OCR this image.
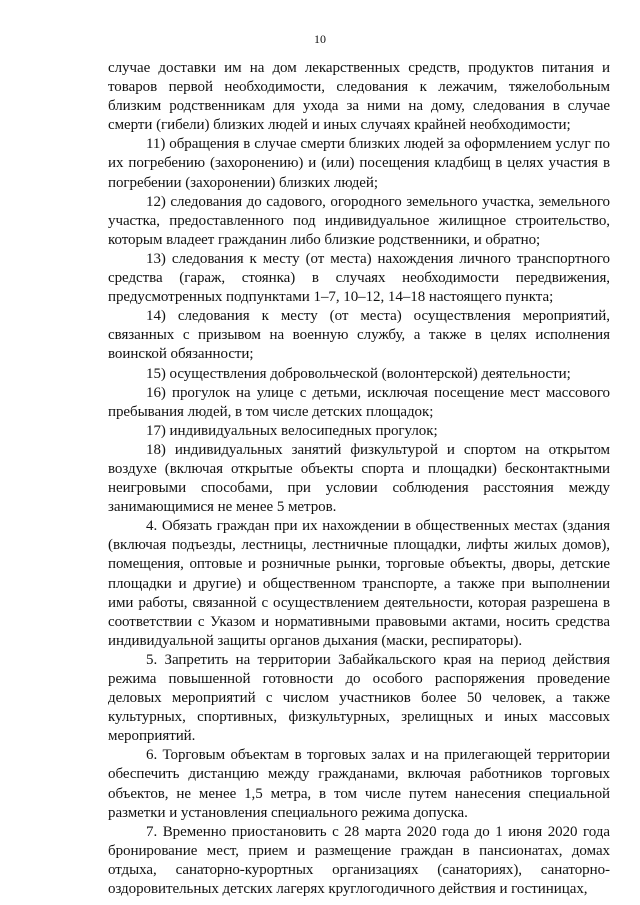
10

случае доставки им на дом лекарственных средств, продуктов питания и товаров первой необходимости, следования к лежачим, тяжелобольным близким родственникам для ухода за ними на дому, следования в случае смерти (гибели) близких людей и иных случаях крайней необходимости;

11) обращения в случае смерти близких людей за оформлением услуг по их погребению (захоронению) и (или) посещения кладбищ в целях участия в погребении (захоронении) близких людей;

12) следования до садового, огородного земельного участка, земельного участка, предоставленного под индивидуальное жилищное строительство, которым владеет гражданин либо близкие родственники, и обратно;

13) следования к месту (от места) нахождения личного транспортного средства (гараж, стоянка) в случаях необходимости передвижения, предусмотренных подпунктами 1–7, 10–12, 14–18 настоящего пункта;

14) следования к месту (от места) осуществления мероприятий, связанных с призывом на военную службу, а также в целях исполнения воинской обязанности;

15) осуществления добровольческой (волонтерской) деятельности;

16) прогулок на улице с детьми, исключая посещение мест массового пребывания людей, в том числе детских площадок;

17) индивидуальных велосипедных прогулок;

18) индивидуальных занятий физкультурой и спортом на открытом воздухе (включая открытые объекты спорта и площадки) бесконтактными неигровыми способами, при условии соблюдения расстояния между занимающимися не менее 5 метров.

4. Обязать граждан при их нахождении в общественных местах (здания (включая подъезды, лестницы, лестничные площадки, лифты жилых домов), помещения, оптовые и розничные рынки, торговые объекты, дворы, детские площадки и другие) и общественном транспорте, а также при выполнении ими работы, связанной с осуществлением деятельности, которая разрешена в соответствии с Указом и нормативными правовыми актами, носить средства индивидуальной защиты органов дыхания (маски, респираторы).

5. Запретить на территории Забайкальского края на период действия режима повышенной готовности до особого распоряжения проведение деловых мероприятий с числом участников более 50 человек, а также культурных, спортивных, физкультурных, зрелищных и иных массовых мероприятий.

6. Торговым объектам в торговых залах и на прилегающей территории обеспечить дистанцию между гражданами, включая работников торговых объектов, не менее 1,5 метра, в том числе путем нанесения специальной разметки и установления специального режима допуска.

7. Временно приостановить с 28 марта 2020 года до 1 июня 2020 года бронирование мест, прием и размещение граждан в пансионатах, домах отдыха, санаторно-курортных организациях (санаториях), санаторно-оздоровительных детских лагерях круглогодичного действия и гостиницах,
